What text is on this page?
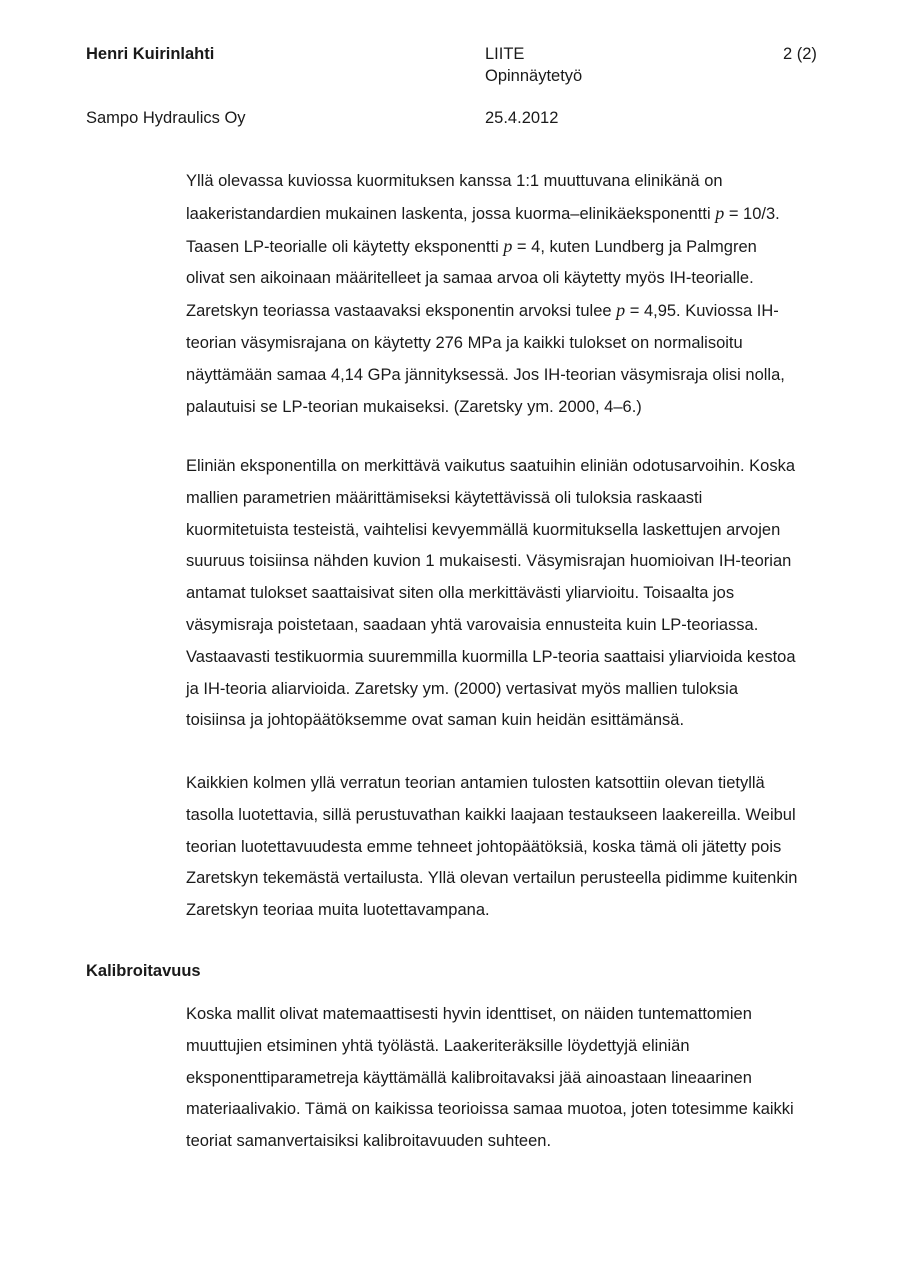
Henri Kuirinlahti	LIITE
Opinnäytetyö
2 (2)
Sampo Hydraulics Oy	25.4.2012

Yllä olevassa kuviossa kuormituksen kanssa 1:1 muuttuvana elinikänä on

laakeristandardien mukainen laskenta, jossa kuorma–elinikäeksponentti p = 10/3.

Taasen LP-teorialle oli käytetty eksponentti p = 4, kuten Lundberg ja Palmgren

olivat sen aikoinaan määritelleet ja samaa arvoa oli käytetty myös IH-teorialle.

Zaretskyn teoriassa vastaavaksi eksponentin arvoksi tulee p = 4,95. Kuviossa IH-

teorian väsymisrajana on käytetty 276 MPa ja kaikki tulokset on normalisoitu

näyttämään samaa 4,14 GPa jännityksessä. Jos IH-teorian väsymisraja olisi nolla,

palautuisi se LP-teorian mukaiseksi. (Zaretsky ym. 2000, 4–6.)

Eliniän eksponentilla on merkittävä vaikutus saatuihin eliniän odotusarvoihin. Koska

mallien parametrien määrittämiseksi käytettävissä oli tuloksia raskaasti

kuormitetuista testeistä, vaihtelisi kevyemmällä kuormituksella laskettujen arvojen

suuruus toisiinsa nähden kuvion 1 mukaisesti. Väsymisrajan huomioivan IH-teorian

antamat tulokset saattaisivat siten olla merkittävästi yliarvioitu. Toisaalta jos

väsymisraja poistetaan, saadaan yhtä varovaisia ennusteita kuin LP-teoriassa.

Vastaavasti testikuormia suuremmilla kuormilla LP-teoria saattaisi yliarvioida kestoa

ja IH-teoria aliarvioida. Zaretsky ym. (2000) vertasivat myös mallien tuloksia

toisiinsa ja johtopäätöksemme ovat saman kuin heidän esittämänsä.

Kaikkien kolmen yllä verratun teorian antamien tulosten katsottiin olevan tietyllä

tasolla luotettavia, sillä perustuvathan kaikki laajaan testaukseen laakereilla. Weibul

teorian luotettavuudesta emme tehneet johtopäätöksiä, koska tämä oli jätetty pois

Zaretskyn tekemästä vertailusta. Yllä olevan vertailun perusteella pidimme kuitenkin

Zaretskyn teoriaa muita luotettavampana.

Kalibroitavuus

Koska mallit olivat matemaattisesti hyvin identtiset, on näiden tuntemattomien

muuttujien etsiminen yhtä työlästä. Laakeriteräksille löydettyjä eliniän

eksponenttiparametreja käyttämällä kalibroitavaksi jää ainoastaan lineaarinen

materiaalivakio. Tämä on kaikissa teorioissa samaa muotoa, joten totesimme kaikki

teoriat samanvertaisiksi kalibroitavuuden suhteen.
